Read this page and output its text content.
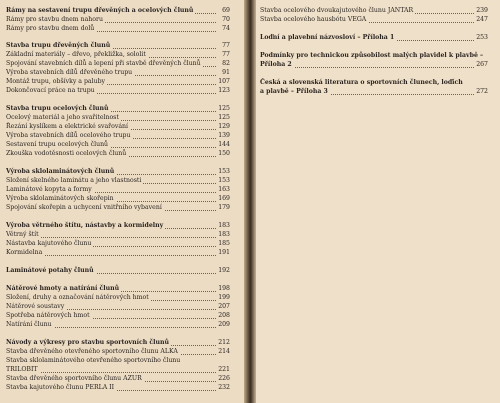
Rámy na sestavení trupu dřevěných a ocelových člunů	69
Rámy pro stavbu dnem nahoru	70
Rámy pro stavbu dnem dolů	74
Stavba trupu dřevěných člunů	77
Základní materiály – dřevo, překližka, sololit	77
Spojování stavebních dílů a lepení při stavbě dřevěných člunů	82
Výroba stavebních dílů dřevěného trupu	91
Montáž trupu, obšívky a paluby	107
Dokončovací práce na trupu	123
Stavba trupu ocelových člunů	125
Ocelový materiál a jeho svařitelnost	125
Řezání kyslíkem a elektrické svařování	129
Výroba stavebních dílů ocelového trupu	139
Sestavení trupu ocelových člunů	144
Zkouška vodotěsnosti ocelových člunů	150
Výroba sklolaminátových člunů	153
Složení skelného laminátu a jeho vlastnosti	153
Laminátové kopyta a formy	163
Výroba sklolaminátových skořepin	169
Spojování skořepin a uchycení vnitřního vybavení	179
Výroba větrného štítu, nástavby a kormidelny	183
Větrný štít	183
Nástavba kajutového člunu	185
Kormidelna	191
Laminátové potahy člunů	192
Nátěrové hmoty a natírání člunů	198
Složení, druhy a označování nátěrových hmot	199
Nátěrové soustavy	207
Spotřeba nátěrových hmot	208
Natírání člunu	209
Návody a výkresy pro stavbu sportovních člunů	212
Stavba dřevěného otevřeného sportovního člunu ALKA	214
Stavba sklolaminátového otevřeného sportovního člunu
TRILOBIT	221
Stavba dřevěného sportovního člunu AZUR	226
Stavba kajutového člunu PERLA II	232
Stavba ocelového dvoukajutového člunu JANTAR	239
Stavba ocelového hausbótu VEGA	247
Loďní a plavební názvosloví – Příloha 1	253
Podmínky pro technickou způsobilost malých plavidel k plavbě –
Příloha 2	267
Česká a slovenská literatura o sportovních člunech, loďích
a plavbě – Příloha 3	272
